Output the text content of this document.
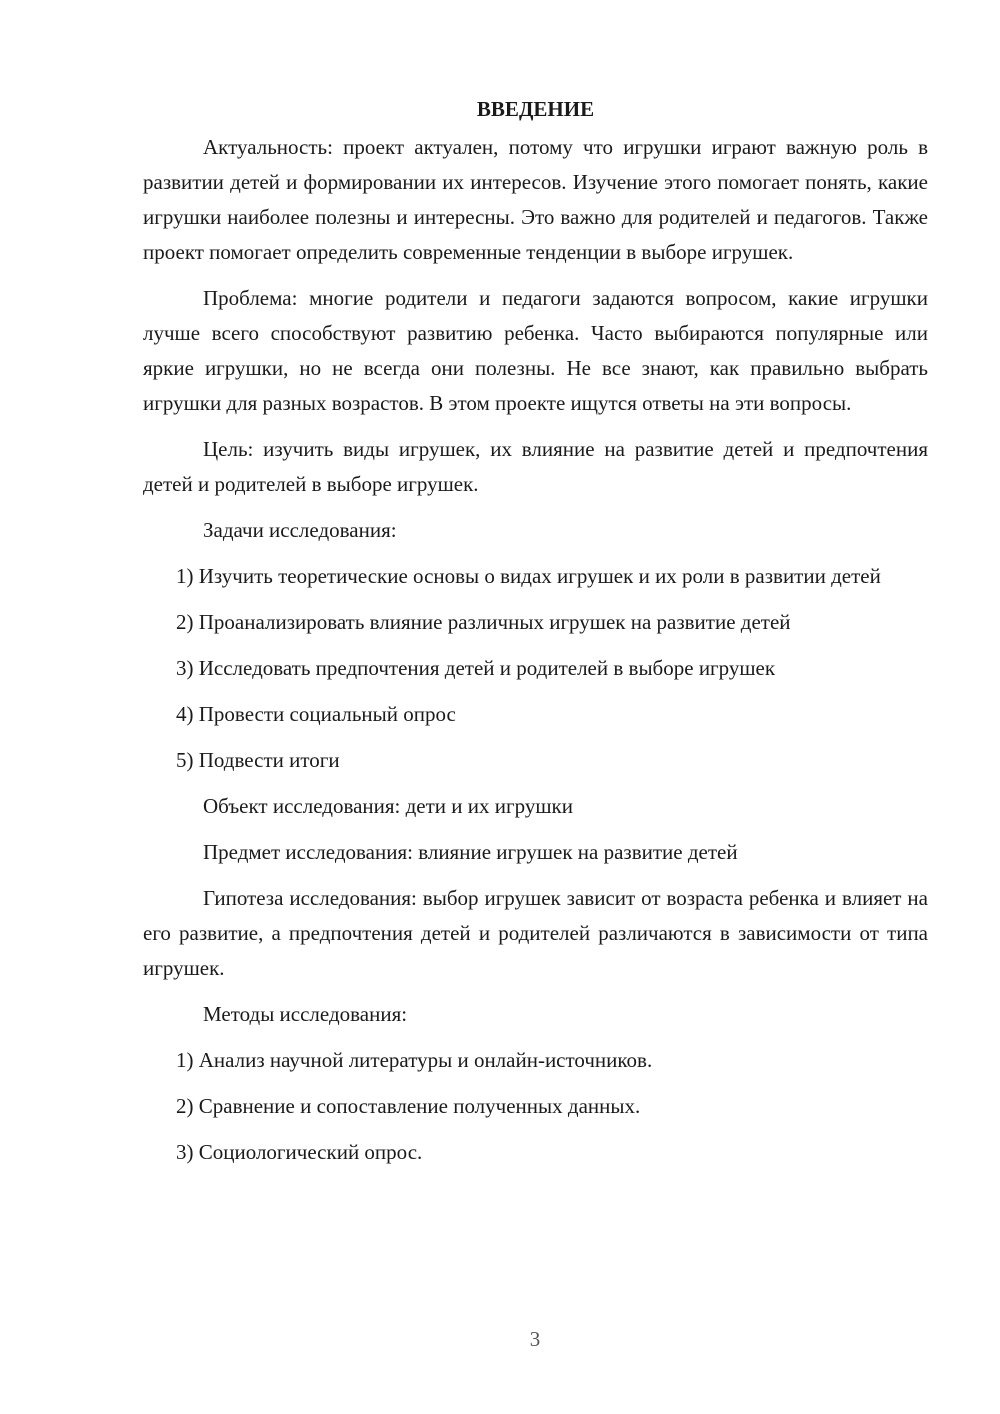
ВВЕДЕНИЕ

Актуальность: проект актуален, потому что игрушки играют важную роль в развитии детей и формировании их интересов. Изучение этого помогает понять, какие игрушки наиболее полезны и интересны. Это важно для родителей и педагогов. Также проект помогает определить современные тенденции в выборе игрушек.

Проблема: многие родители и педагоги задаются вопросом, какие игрушки лучше всего способствуют развитию ребенка. Часто выбираются популярные или яркие игрушки, но не всегда они полезны. Не все знают, как правильно выбрать игрушки для разных возрастов. В этом проекте ищутся ответы на эти вопросы.

Цель: изучить виды игрушек, их влияние на развитие детей и предпочтения детей и родителей в выборе игрушек.

Задачи исследования:

1) Изучить теоретические основы о видах игрушек и их роли в развитии детей

2) Проанализировать влияние различных игрушек на развитие детей

3) Исследовать предпочтения детей и родителей в выборе игрушек

4) Провести социальный опрос

5) Подвести итоги

Объект исследования: дети и их игрушки

Предмет исследования: влияние игрушек на развитие детей

Гипотеза исследования: выбор игрушек зависит от возраста ребенка и влияет на его развитие, а предпочтения детей и родителей различаются в зависимости от типа игрушек.

Методы исследования:

1) Анализ научной литературы и онлайн-источников.

2) Сравнение и сопоставление полученных данных.

3) Социологический опрос.

3
